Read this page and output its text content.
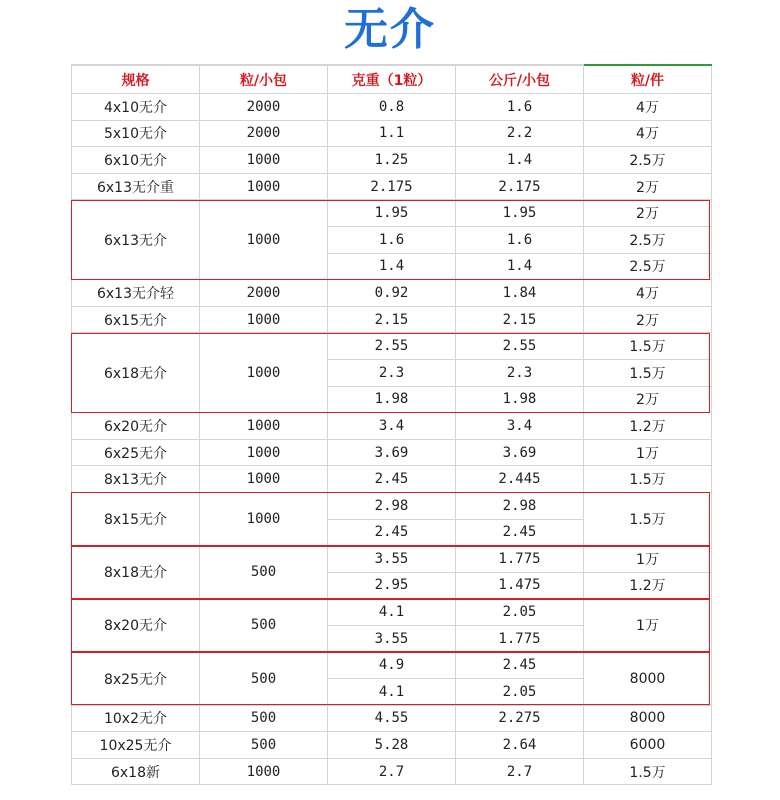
无介
规格	粒/小包	克重（1粒）	公斤/小包	粒/件
4x10无介	2000	0.8	1.6	4万
5x10无介	2000	1.1	2.2	4万
6x10无介	1000	1.25	1.4	2.5万
6x13无介重	1000	2.175	2.175	2万
6x13无介	1000	1.95	1.95	2万
		1.6	1.6	2.5万
		1.4	1.4	2.5万
6x13无介轻	2000	0.92	1.84	4万
6x15无介	1000	2.15	2.15	2万
6x18无介	1000	2.55	2.55	1.5万
		2.3	2.3	1.5万
		1.98	1.98	2万
6x20无介	1000	3.4	3.4	1.2万
6x25无介	1000	3.69	3.69	1万
8x13无介	1000	2.45	2.445	1.5万
8x15无介	1000	2.98	2.98	1.5万
		2.45	2.45	
8x18无介	500	3.55	1.775	1万
		2.95	1.475	1.2万
8x20无介	500	4.1	2.05	1万
		3.55	1.775	
8x25无介	500	4.9	2.45	8000
		4.1	2.05	
10x2无介	500	4.55	2.275	8000
10x25无介	500	5.28	2.64	6000
6x18新	1000	2.7	2.7	1.5万
